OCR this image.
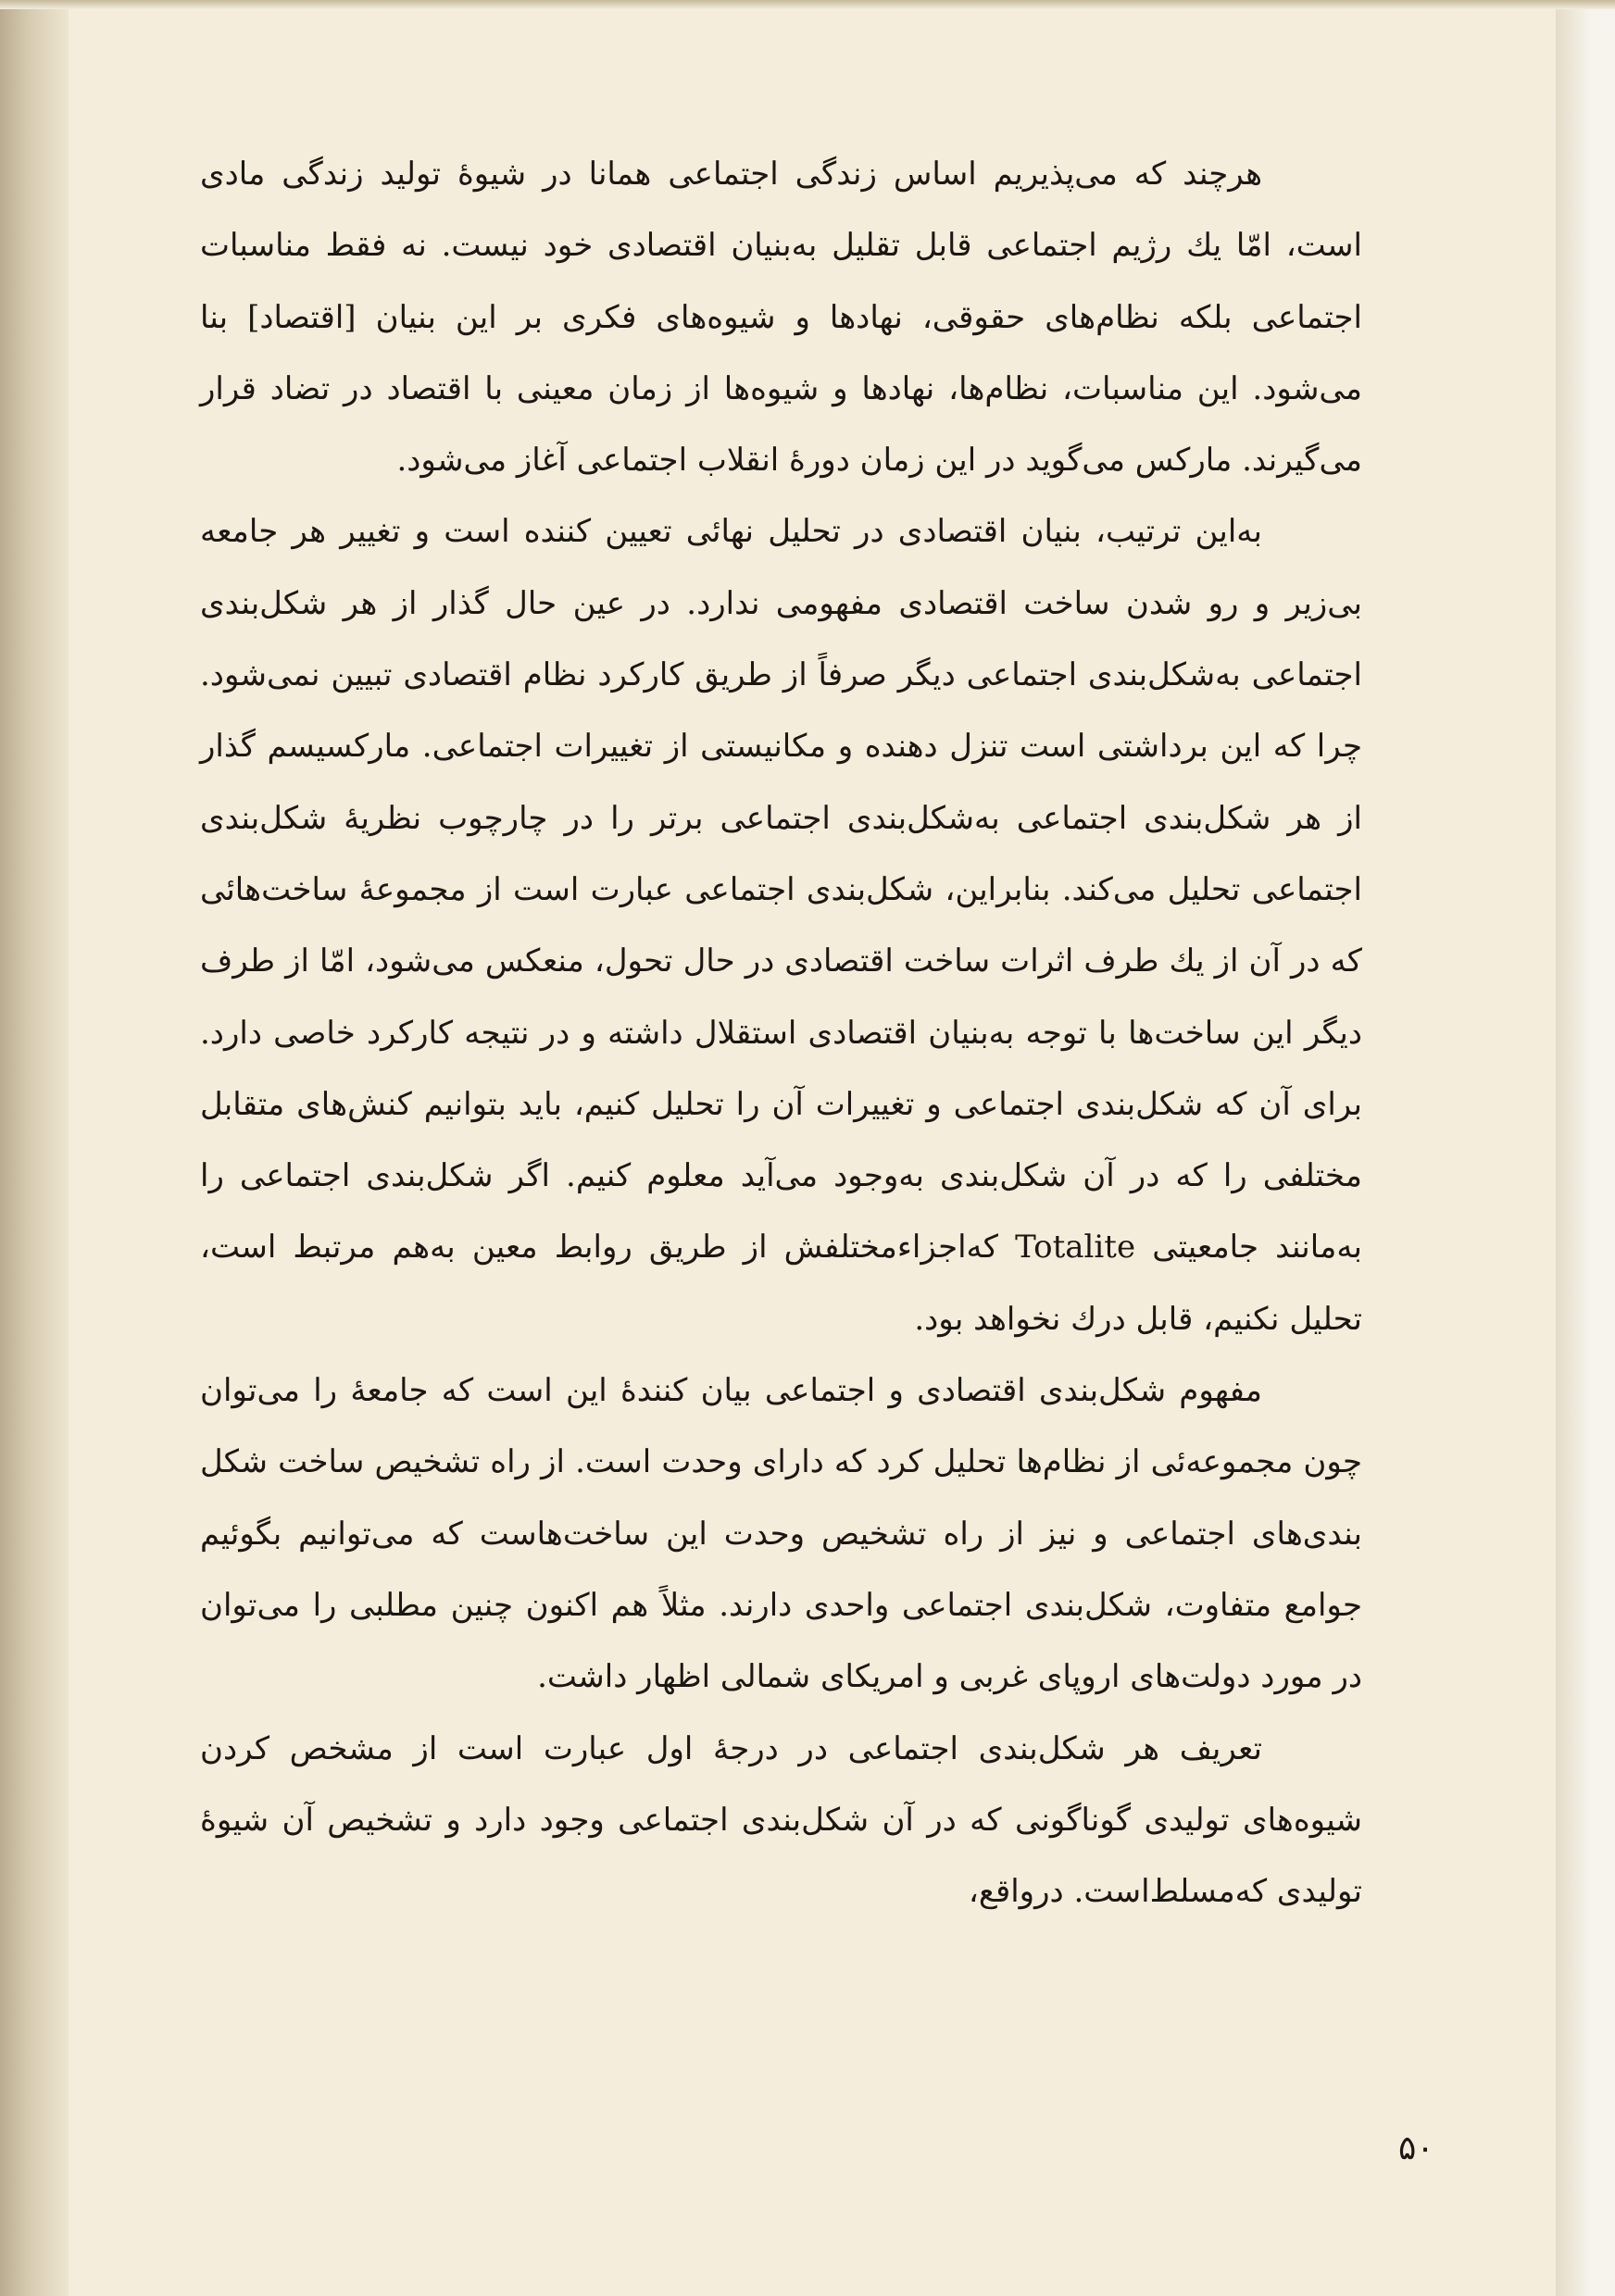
هرچند که می‌پذیریم اساس زندگی اجتماعی همانا در شیوهٔ تولید زندگی مادی است، امّا یك رژیم اجتماعی قابل تقلیل به‌بنیان اقتصادی خود نیست. نه فقط مناسبات اجتماعی بلکه نظام‌های حقوقی، نهادها و شیوه‌های فکری بر این بنیان [اقتصاد] بنا می‌شود. این مناسبات، نظام‌ها، نهادها و شیوه‌ها از زمان معینی با اقتصاد در تضاد قرار می‌گیرند. مارکس می‌گوید در این زمان دورهٔ انقلاب اجتماعی آغاز می‌شود.

به‌این ترتیب، بنیان اقتصادی در تحلیل نهائی تعیین کننده است و تغییر هر جامعه بی‌زیر و رو شدن ساخت اقتصادی مفهومی ندارد. در عین حال گذار از هر شکل‌بندی اجتماعی به‌شکل‌بندی اجتماعی دیگر صرفاً از طریق کارکرد نظام اقتصادی تبیین نمی‌شود. چرا که این برداشتی است تنزل دهنده و مکانیستی از تغییرات اجتماعی. مارکسیسم گذار از هر شکل‌بندی اجتماعی به‌شکل‌بندی اجتماعی برتر را در چارچوب نظریهٔ شکل‌بندی اجتماعی تحلیل می‌کند. بنابراین، شکل‌بندی اجتماعی عبارت است از مجموعهٔ ساخت‌هائی که در آن از یك طرف اثرات ساخت اقتصادی در حال تحول، منعکس می‌شود، امّا از طرف دیگر این ساخت‌ها با توجه به‌بنیان اقتصادی استقلال داشته و در نتیجه کارکرد خاصی دارد. برای آن که شکل‌بندی اجتماعی و تغییرات آن را تحلیل کنیم، باید بتوانیم کنش‌های متقابل مختلفی را که در آن شکل‌بندی به‌وجود می‌آید معلوم کنیم. اگر شکل‌بندی اجتماعی را به‌مانند جامعیتی Totalite که‌اجزاء‌مختلفش از طریق روابط معین به‌هم مرتبط است، تحلیل نکنیم، قابل درك نخواهد بود.

مفهوم شکل‌بندی اقتصادی و اجتماعی بیان کنندهٔ این است که جامعهٔ را می‌توان چون مجموعه‌ئی از نظام‌ها تحلیل کرد که دارای وحدت است. از راه تشخیص ساخت شکل بندی‌های اجتماعی و نیز از راه تشخیص وحدت این ساخت‌هاست که می‌توانیم بگوئیم جوامع متفاوت، شکل‌بندی اجتماعی واحدی دارند. مثلاً هم اکنون چنین مطلبی را می‌توان در مورد دولت‌های اروپای غربی و امریکای شمالی اظهار داشت.

تعریف هر شکل‌بندی اجتماعی در درجهٔ اول عبارت است از مشخص کردن شیوه‌های تولیدی گوناگونی که در آن شکل‌بندی اجتماعی وجود دارد و تشخیص آن شیوهٔ تولیدی که‌مسلط‌است. درواقع،

۵۰
